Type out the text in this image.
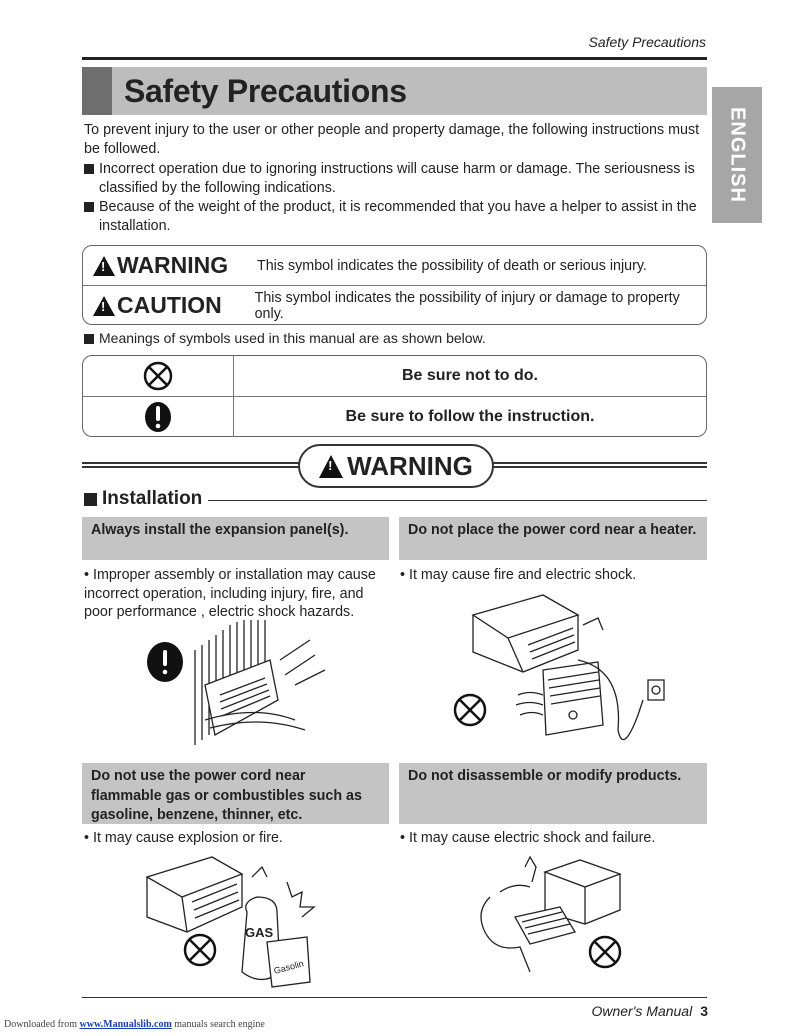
Safety Precautions
Safety Precautions
ENGLISH

To prevent injury to the user or other people and property damage, the following instructions must be followed.

Incorrect operation due to ignoring instructions will cause harm or damage. The seriousness is classified by the following indications.
Because of the weight of the product, it is recommended that you have a helper to assist in the installation.
!
WARNING This symbol indicates the possibility of death or serious injury.
!
CAUTION This symbol indicates the possibility of injury or damage to property only.
Meanings of symbols used in this manual are as shown below.
Be sure not to do.
Be sure to follow the instruction.
!
WARNING
Installation
Always install the expansion panel(s).
• Improper assembly or installation may cause incorrect operation, including injury, fire, and poor performance , electric shock hazards.
Do not place the power cord near a heater.
• It may cause fire and electric shock.
Do not use the power cord near flammable gas or combustibles such as gasoline, benzene, thinner, etc.
• It may cause explosion or fire.
GAS
Gasolin
Do not disassemble or modify products.
• It may cause electric shock and failure.
Owner's Manual 3
Downloaded from www.Manualslib.com manuals search engine
